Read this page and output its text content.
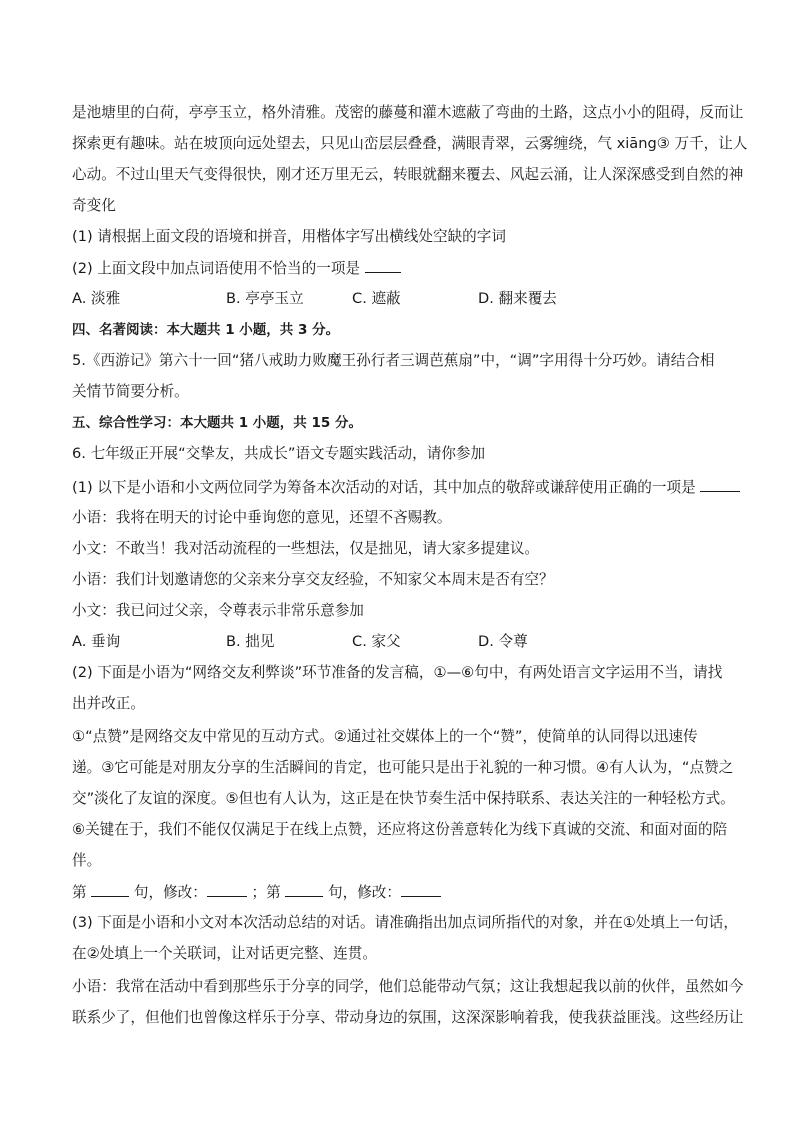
是池塘里的白荷，亭亭玉立，格外清雅。茂密的藤蔓和灌木遮蔽了弯曲的土路，这点小小的阻碍，反而让
探索更有趣味。站在坡顶向远处望去，只见山峦层层叠叠，满眼青翠，云雾缠绕，气 xiāng③ 万千，让人
心动。不过山里天气变得很快，刚才还万里无云，转眼就翻来覆去、风起云涌，让人深深感受到自然的神
奇变化
(1) 请根据上面文段的语境和拼音，用楷体字写出横线处空缺的字词
(2) 上面文段中加点词语使用不恰当的一项是
A. 淡雅	B. 亭亭玉立	C. 遮蔽	D. 翻来覆去
四、名著阅读：本大题共 1 小题，共 3 分。
5.《西游记》第六十一回“猪八戒助力败魔王孙行者三调芭蕉扇”中，“调”字用得十分巧妙。请结合相
关情节简要分析。
五、综合性学习：本大题共 1 小题，共 15 分。
6. 七年级正开展“交挚友，共成长”语文专题实践活动，请你参加
(1) 以下是小语和小文两位同学为筹备本次活动的对话，其中加点的敬辞或谦辞使用正确的一项是
小语：我将在明天的讨论中垂询您的意见，还望不吝赐教。
小文：不敢当！我对活动流程的一些想法，仅是拙见，请大家多提建议。
小语：我们计划邀请您的父亲来分享交友经验，不知家父本周末是否有空？
小文：我已问过父亲，令尊表示非常乐意参加
A. 垂询	B. 拙见	C. 家父	D. 令尊
(2) 下面是小语为“网络交友利弊谈”环节准备的发言稿，①—⑥句中，有两处语言文字运用不当，请找
出并改正。
①“点赞”是网络交友中常见的互动方式。②通过社交媒体上的一个“赞”，使简单的认同得以迅速传
递。③它可能是对朋友分享的生活瞬间的肯定，也可能只是出于礼貌的一种习惯。④有人认为，“点赞之
交”淡化了友谊的深度。⑤但也有人认为，这正是在快节奏生活中保持联系、表达关注的一种轻松方式。
⑥关键在于，我们不能仅仅满足于在线上点赞，还应将这份善意转化为线下真诚的交流、和面对面的陪
伴。
第	句，修改：	；第	句，修改：
(3) 下面是小语和小文对本次活动总结的对话。请准确指出加点词所指代的对象，并在①处填上一句话，
在②处填上一个关联词，让对话更完整、连贯。
小语：我常在活动中看到那些乐于分享的同学，他们总能带动气氛；这让我想起我以前的伙伴，虽然如今
联系少了，但他们也曾像这样乐于分享、带动身边的氛围，这深深影响着我，使我获益匪浅。这些经历让
